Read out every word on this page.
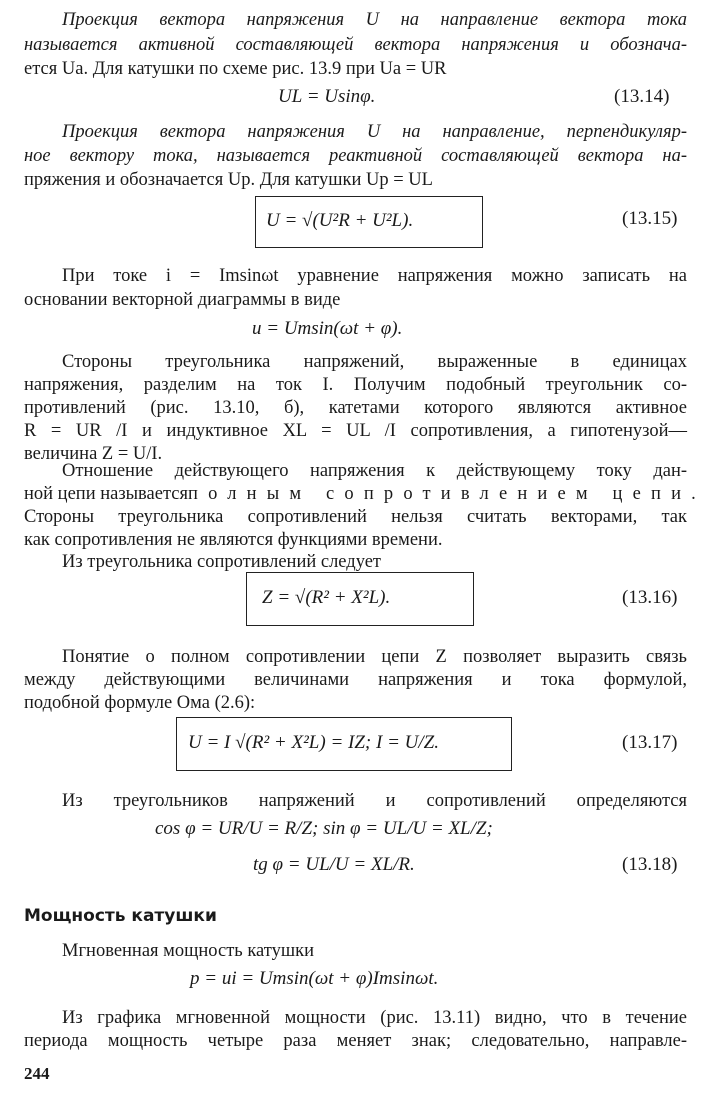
Проекция вектора напряжения U на направление вектора тока
называется активной составляющей вектора напряжения и обознача-
ется Uа. Для катушки по схеме рис. 13.9 при Uа = UR
UL = Usinφ.	(13.14)
Проекция вектора напряжения U на направление, перпендикуляр-
ное вектору тока, называется реактивной составляющей вектора на-
пряжения и обозначается Uр. Для катушки Uр = UL
U = √(U²R + U²L).	(13.15)
При токе i = Imsinωt уравнение напряжения можно записать на
основании векторной диаграммы в виде
u = Umsin(ωt + φ).
Стороны треугольника напряжений, выраженные в единицах
напряжения, разделим на ток I. Получим подобный треугольник со-
противлений (рис. 13.10, б), катетами которого являются активное
R = UR /I и индуктивное XL = UL /I сопротивления, а гипотенузой—
величина Z = U/I.
Отношение действующего напряжения к действующему току дан-
ной цепи называется полным сопротивлением цепи.
Стороны треугольника сопротивлений нельзя считать векторами, так
как сопротивления не являются функциями времени.
Из треугольника сопротивлений следует
Z = √(R² + X²L).	(13.16)
Понятие о полном сопротивлении цепи Z позволяет выразить связь
между действующими величинами напряжения и тока формулой,
подобной формуле Ома (2.6):
U = I √(R² + X²L) = IZ; I = U/Z.	(13.17)
Из треугольников напряжений и сопротивлений определяются
cos φ = UR/U = R/Z; sin φ = UL/U = XL/Z;
tg φ = UL/U = XL/R.	(13.18)
Мощность катушки
Мгновенная мощность катушки
p = ui = Umsin(ωt + φ)Imsinωt.
Из графика мгновенной мощности (рис. 13.11) видно, что в течение
периода мощность четыре раза меняет знак; следовательно, направле-
244
